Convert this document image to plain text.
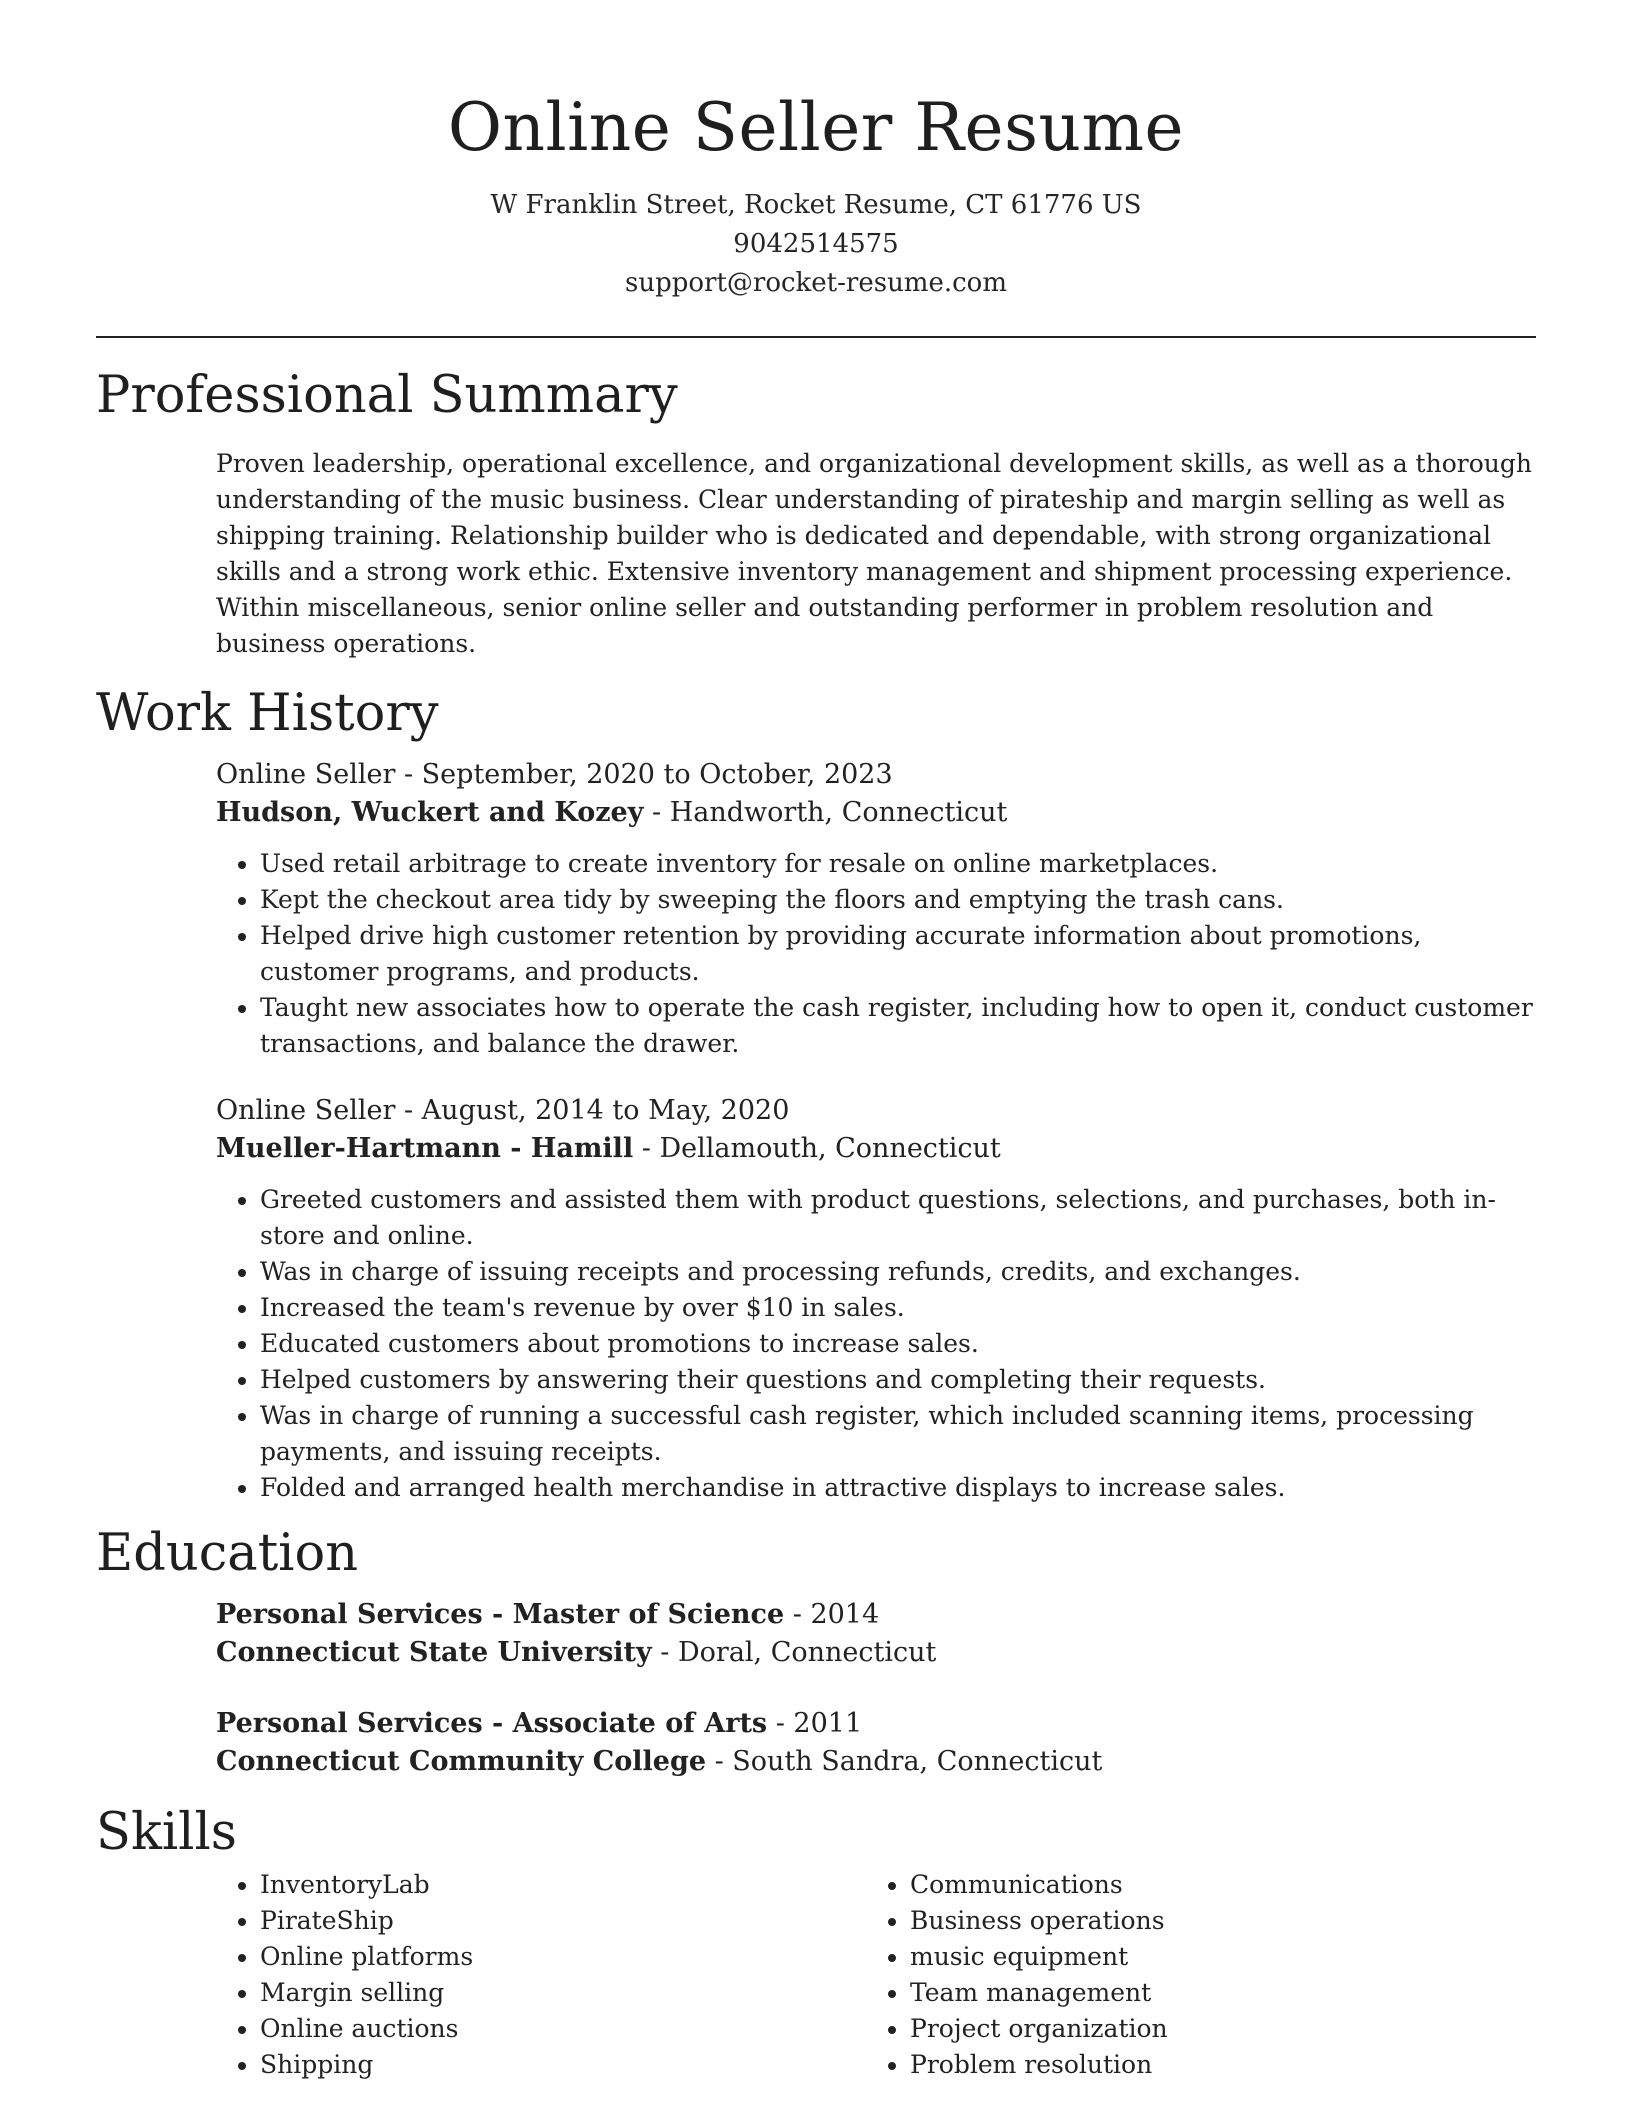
Online Seller Resume
W Franklin Street, Rocket Resume, CT 61776 US
9042514575
support@rocket-resume.com
Professional Summary
Proven leadership, operational excellence, and organizational development skills, as well as a thorough understanding of the music business. Clear understanding of pirateship and margin selling as well as shipping training. Relationship builder who is dedicated and dependable, with strong organizational skills and a strong work ethic. Extensive inventory management and shipment processing experience. Within miscellaneous, senior online seller and outstanding performer in problem resolution and business operations.
Work History
Online Seller - September, 2020 to October, 2023
Hudson, Wuckert and Kozey - Handworth, Connecticut
• Used retail arbitrage to create inventory for resale on online marketplaces.
• Kept the checkout area tidy by sweeping the floors and emptying the trash cans.
• Helped drive high customer retention by providing accurate information about promotions, customer programs, and products.
• Taught new associates how to operate the cash register, including how to open it, conduct customer transactions, and balance the drawer.
Online Seller - August, 2014 to May, 2020
Mueller-Hartmann - Hamill - Dellamouth, Connecticut
• Greeted customers and assisted them with product questions, selections, and purchases, both in-store and online.
• Was in charge of issuing receipts and processing refunds, credits, and exchanges.
• Increased the team's revenue by over $10 in sales.
• Educated customers about promotions to increase sales.
• Helped customers by answering their questions and completing their requests.
• Was in charge of running a successful cash register, which included scanning items, processing payments, and issuing receipts.
• Folded and arranged health merchandise in attractive displays to increase sales.
Education
Personal Services - Master of Science - 2014
Connecticut State University - Doral, Connecticut
Personal Services - Associate of Arts - 2011
Connecticut Community College - South Sandra, Connecticut
Skills
• InventoryLab
• PirateShip
• Online platforms
• Margin selling
• Online auctions
• Shipping
• Communications
• Business operations
• music equipment
• Team management
• Project organization
• Problem resolution
